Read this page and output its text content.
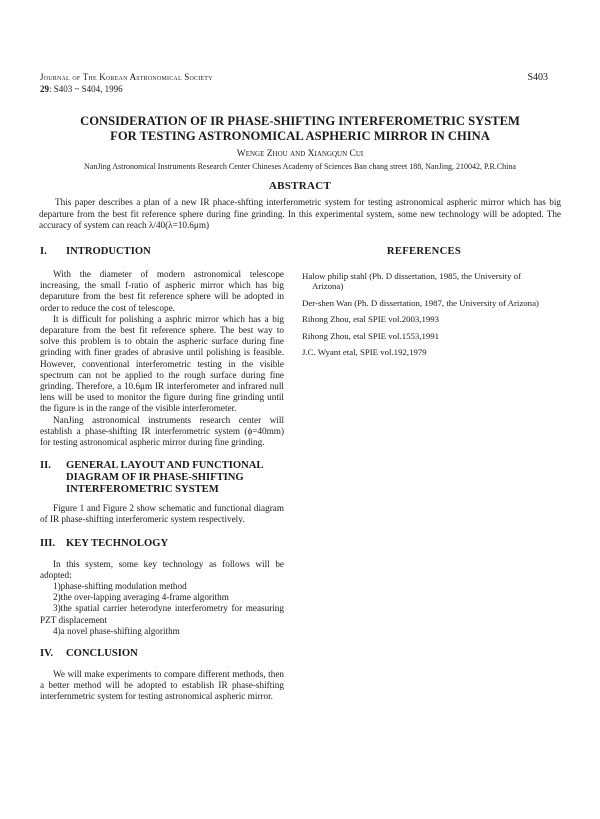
Journal of The Korean Astronomical Society
29: S403 ~ S404, 1996
S403
CONSIDERATION OF IR PHASE-SHIFTING INTERFEROMETRIC SYSTEM
FOR TESTING ASTRONOMICAL ASPHERIC MIRROR IN CHINA
Wenge Zhou and Xiangqun Cui
NanJing Astronomical Instruments Research Center Chineses Academy of Sciences Ban chang street 188, NanJing, 210042, P.R.China
ABSTRACT

This paper describes a plan of a new IR phace-shfting interferometric system for testing astronomical aspheric mirror which has big departure from the best fit reference sphere during fine grinding. In this experimental system, some new technology will be adopted. The accuracy of system can reach λ/40(λ=10.6μm)

I.	INTRODUCTION

With the diameter of modern astronomical telescope increasing, the small f-ratio of aspheric mirror which has big deparuture from the best fit reference sphere will be adopted in order to reduce the cost of telescope.

It is difficult for polishing a asphric mirror which has a big deparature from the best fit reference sphere. The best way to solve this problem is to obtain the aspheric surface during fine grinding with finer grades of abrasive until polishing is feasible. However, conventional interferometric testing in the visible spectrum can not be applied to the rough surface during fine grinding. Therefore, a 10.6μm IR interferometer and infrared null lens will be used to monitor the figure during fine grinding until the figure is in the range of the visible interferometer.

NanJing astronomical instruments research center will establish a phase-shifting IR interferometric system (ϕ=40mm) for testing astronomical aspheric mirror during fine grinding.

II.	GENERAL LAYOUT AND FUNCTIONAL DIAGRAM OF IR PHASE-SHIFTING INTERFEROMETRIC SYSTEM

Figure 1 and Figure 2 show schematic and functional diagram of IR phase-shifting interferomeric system respectively.

III.	KEY TECHNOLOGY

In this system, some key technology as follows will be adopted:

1)phase-shifting modulation method

2)the over-lapping averaging 4-frame algorithm

3)the spatial carrier heterodyne interferometry for measuring PZT displacement

4)a novel phase-shifting algorithm

IV.	CONCLUSION

We will make experiments to compare different methods, then a better method will be adopted to establish IR phase-shifting interfernmetric system for testing astronomical aspheric mirror.

REFERENCES

Halow philip stahl (Ph. D dissertation, 1985, the University of Arizona)

Der-shen Wan (Ph. D dissertation, 1987, the University of Arizona)

Rihong Zhou, etal SPIE vol.2003,1993

Rihong Zhou, etal SPIE vol.1553,1991

J.C. Wyant etal, SPIE vol.192,1979
